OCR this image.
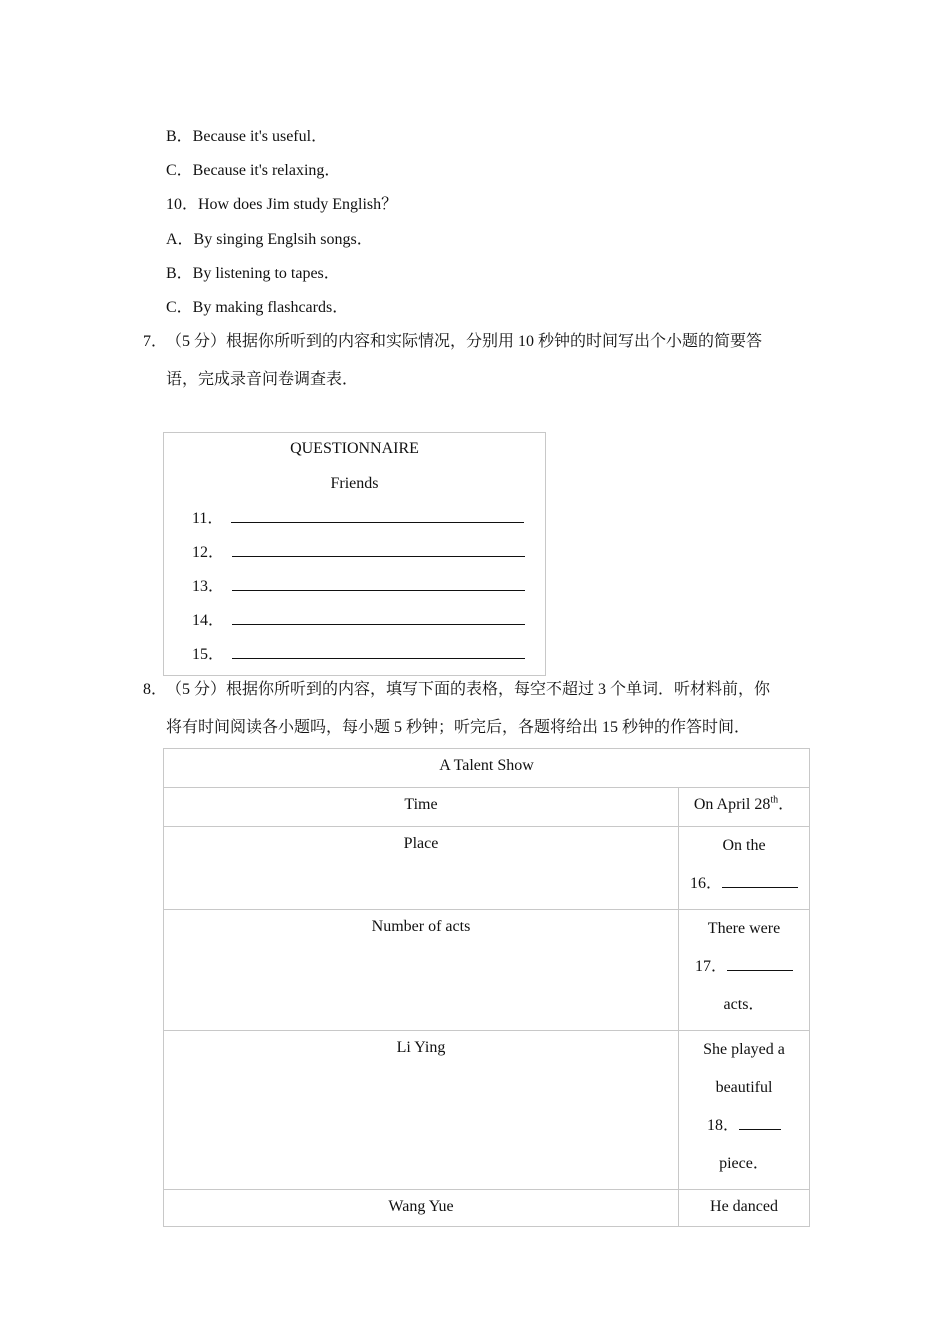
B．Because it's useful．
C．Because it's relaxing．
10．How does Jim study English？
A．By singing Englsih songs．
B．By listening to tapes．
C．By making flashcards．
7．
（5 分）根据你所听到的内容和实际情况，分别用 10 秒钟的时间写出个小题的简要答
语，完成录音问卷调查表．
QUESTIONNAIRE
Friends
11．
12．
13．
14．
15．
8．
（5 分）根据你所听到的内容，填写下面的表格，每空不超过 3 个单词．听材料前，你
将有时间阅读各小题吗，每小题 5 秒钟；听完后，各题将给出 15 秒钟的作答时间．
A Talent Show	
Time	On April 28th．
Place	On the
16．

Number of acts	There were
17．
acts．

Li Ying	She played a
beautiful
18．
piece．

Wang Yue	He danced
